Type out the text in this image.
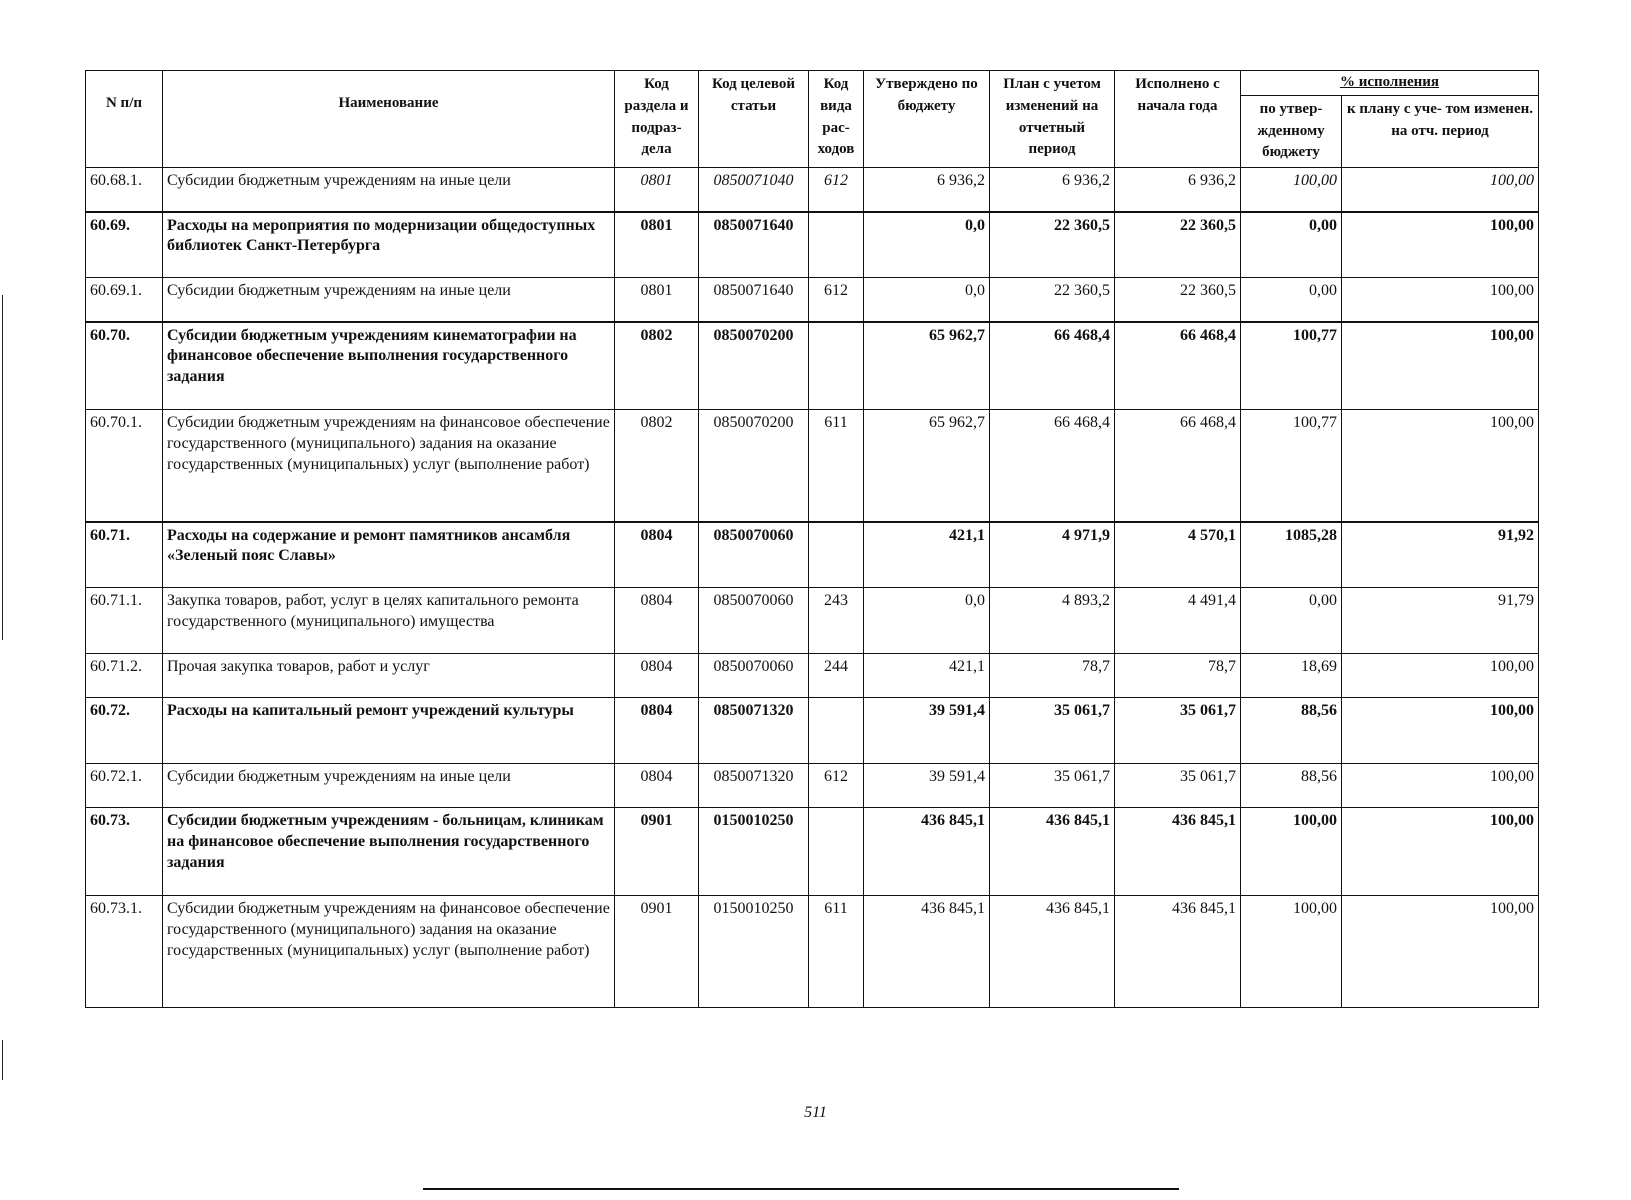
N п/п	Наименование	Код раздела и подраз- дела	Код целевой статьи	Код вида рас- ходов	Утверждено по бюджету	План с учетом изменений на отчетный период	Исполнено с начала года	% исполнения	
								по утвер- жденному бюджету	к плану с уче- том изменен. на отч. период
60.68.1.	Субсидии бюджетным учреждениям на иные цели	0801	0850071040	612	6 936,2	6 936,2	6 936,2	100,00	100,00
60.69.	Расходы на мероприятия по модернизации общедоступных библиотек Санкт-Петербурга	0801	0850071640		0,0	22 360,5	22 360,5	0,00	100,00
60.69.1.	Субсидии бюджетным учреждениям на иные цели	0801	0850071640	612	0,0	22 360,5	22 360,5	0,00	100,00
60.70.	Субсидии бюджетным учреждениям кинематографии на финансовое обеспечение выполнения государственного задания	0802	0850070200		65 962,7	66 468,4	66 468,4	100,77	100,00
60.70.1.	Субсидии бюджетным учреждениям на финансовое обеспечение государственного (муниципального) задания на оказание государственных (муниципальных) услуг (выполнение работ)	0802	0850070200	611	65 962,7	66 468,4	66 468,4	100,77	100,00
60.71.	Расходы на содержание и ремонт памятников ансамбля «Зеленый пояс Славы»	0804	0850070060		421,1	4 971,9	4 570,1	1085,28	91,92
60.71.1.	Закупка товаров, работ, услуг в целях капитального ремонта государственного (муниципального) имущества	0804	0850070060	243	0,0	4 893,2	4 491,4	0,00	91,79
60.71.2.	Прочая закупка товаров, работ и услуг	0804	0850070060	244	421,1	78,7	78,7	18,69	100,00
60.72.	Расходы на капитальный ремонт учреждений культуры	0804	0850071320		39 591,4	35 061,7	35 061,7	88,56	100,00
60.72.1.	Субсидии бюджетным учреждениям на иные цели	0804	0850071320	612	39 591,4	35 061,7	35 061,7	88,56	100,00
60.73.	Субсидии бюджетным учреждениям - больницам, клиникам на финансовое обеспечение выполнения государственного задания	0901	0150010250		436 845,1	436 845,1	436 845,1	100,00	100,00
60.73.1.	Субсидии бюджетным учреждениям на финансовое обеспечение государственного (муниципального) задания на оказание государственных (муниципальных) услуг (выполнение работ)	0901	0150010250	611	436 845,1	436 845,1	436 845,1	100,00	100,00
511
